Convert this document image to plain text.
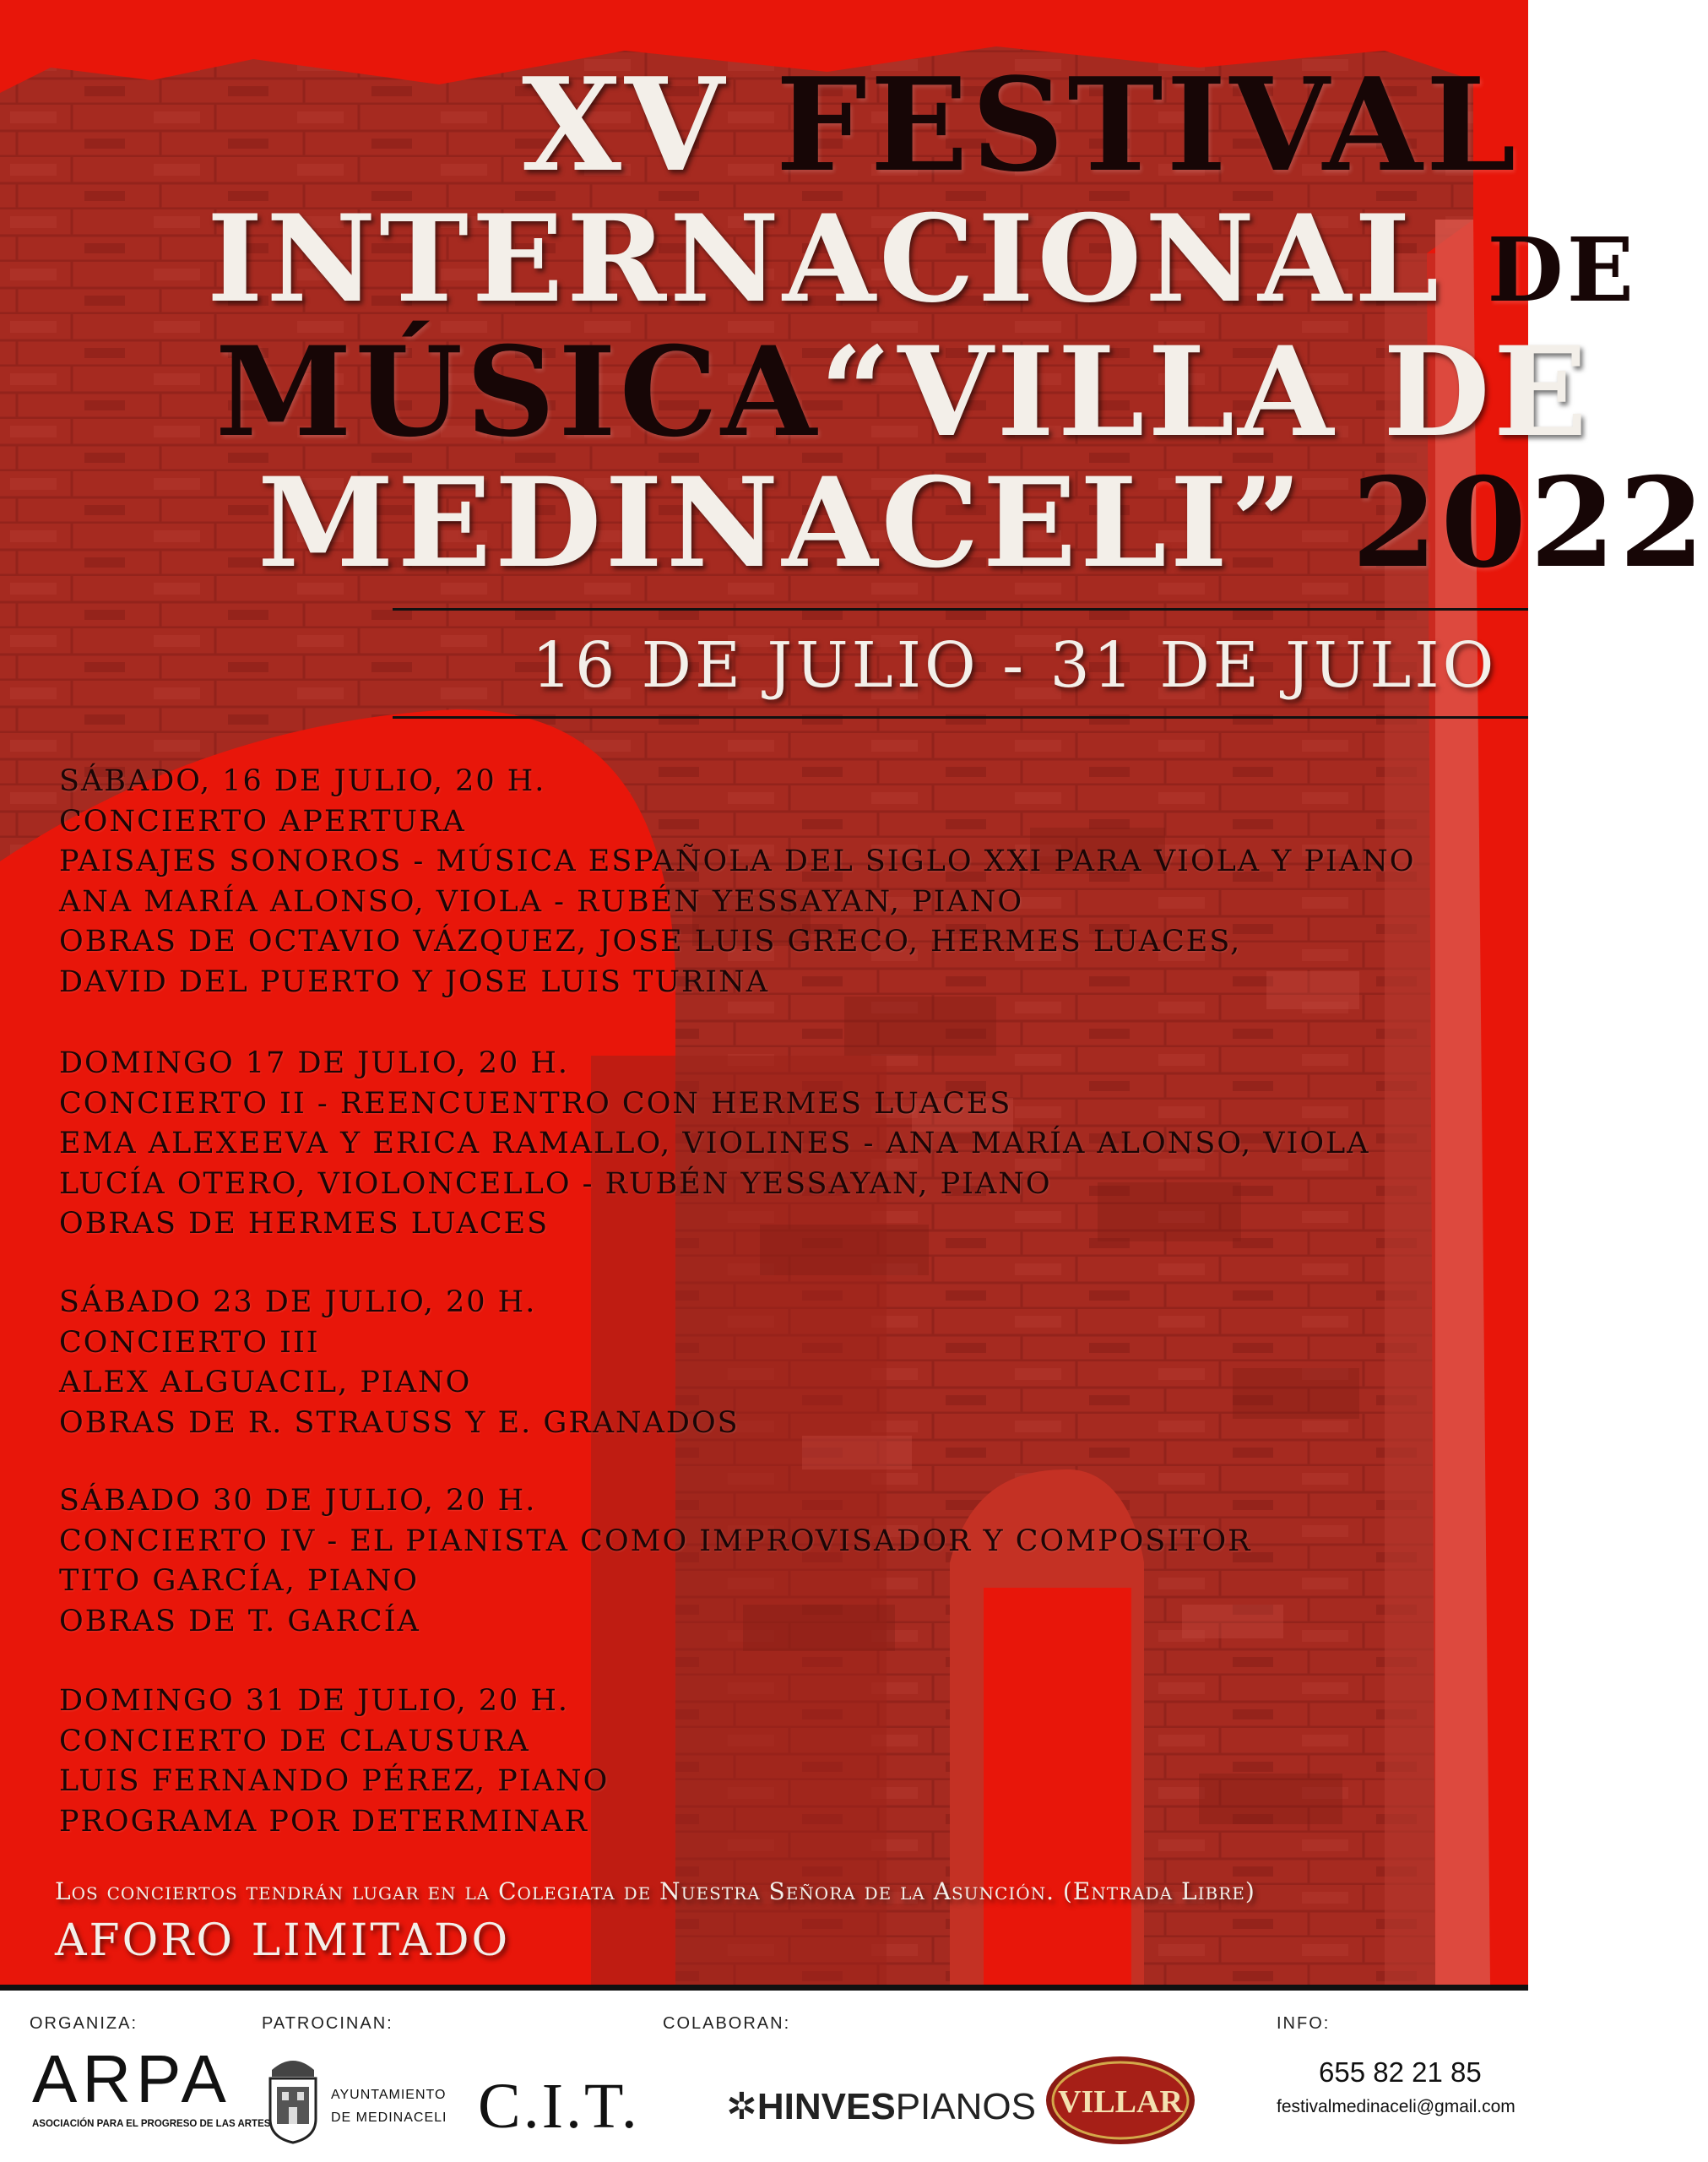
XV FESTIVAL
INTERNACIONAL DE
MÚSICA“VILLA DE
MEDINACELI” 2022

16 DE JULIO - 31 DE JULIO

SÁBADO, 16 DE JULIO, 20 H.

CONCIERTO APERTURA

PAISAJES SONOROS - MÚSICA ESPAÑOLA DEL SIGLO XXI PARA VIOLA Y PIANO

ANA MARÍA ALONSO, VIOLA - RUBÉN YESSAYAN, PIANO

OBRAS DE OCTAVIO VÁZQUEZ, JOSE LUIS GRECO, HERMES LUACES,

DAVID DEL PUERTO Y JOSE LUIS TURINA

DOMINGO 17 DE JULIO, 20 H.

CONCIERTO II - REENCUENTRO CON HERMES LUACES

EMA ALEXEEVA Y ERICA RAMALLO, VIOLINES - ANA MARÍA ALONSO, VIOLA

LUCÍA OTERO, VIOLONCELLO - RUBÉN YESSAYAN, PIANO

OBRAS DE HERMES LUACES

SÁBADO 23 DE JULIO, 20 H.

CONCIERTO III

ALEX ALGUACIL, PIANO

OBRAS DE R. STRAUSS Y E. GRANADOS

SÁBADO 30 DE JULIO, 20 H.

CONCIERTO IV - EL PIANISTA COMO IMPROVISADOR Y COMPOSITOR

TITO GARCÍA, PIANO

OBRAS DE T. GARCÍA

DOMINGO 31 DE JULIO, 20 H.

CONCIERTO DE CLAUSURA

LUIS FERNANDO PÉREZ, PIANO

PROGRAMA POR DETERMINAR

Los conciertos tendrán lugar en la Colegiata de Nuestra Señora de la Asunción. (Entrada Libre)

AFORO LIMITADO

ORGANIZA:	PATROCINAN:	COLABORAN:	INFO:

ARPA

ASOCIACIÓN PARA EL PROGRESO DE LAS ARTES

AYUNTAMIENTO
DE MEDINACELI C.I.T. ✲HINVESPIANOS VILLAR

655 82 21 85

festivalmedinaceli@gmail.com
